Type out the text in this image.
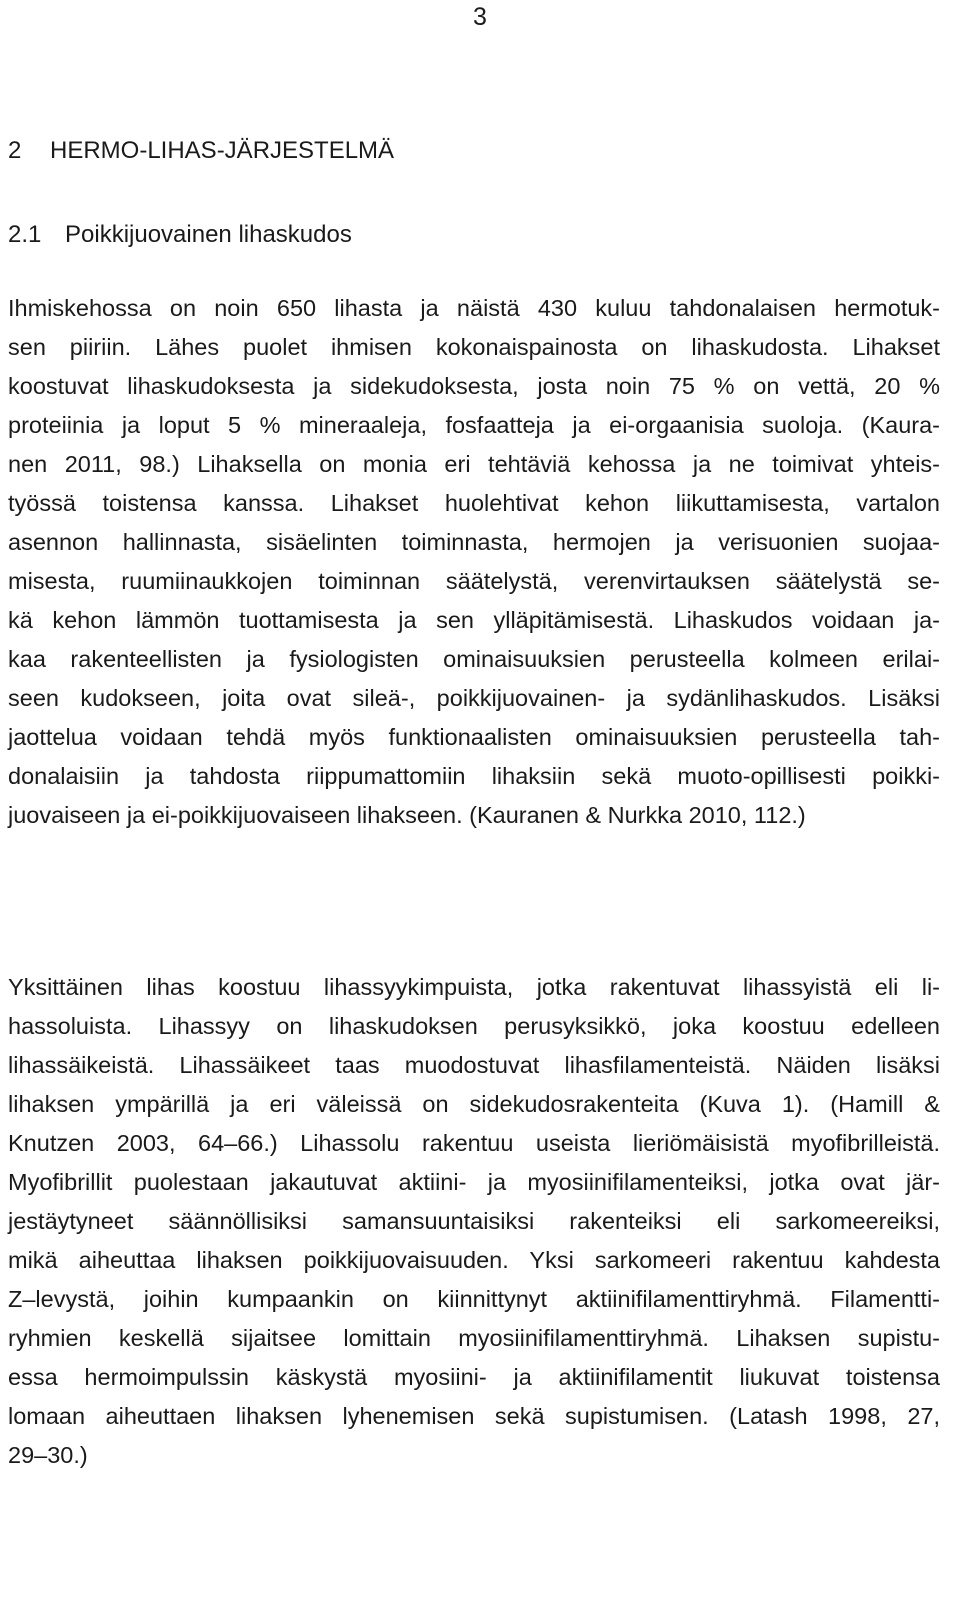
3
2 HERMO-LIHAS-JÄRJESTELMÄ
2.1 Poikkijuovainen lihaskudos

Ihmiskehossa on noin 650 lihasta ja näistä 430 kuluu tahdonalaisen hermotuk-
sen piiriin. Lähes puolet ihmisen kokonaispainosta on lihaskudosta. Lihakset
koostuvat lihaskudoksesta ja sidekudoksesta, josta noin 75 % on vettä, 20 %
proteiinia ja loput 5 % mineraaleja, fosfaatteja ja ei-orgaanisia suoloja. (Kaura-
nen 2011, 98.) Lihaksella on monia eri tehtäviä kehossa ja ne toimivat yhteis-
työssä toistensa kanssa. Lihakset huolehtivat kehon liikuttamisesta, vartalon
asennon hallinnasta, sisäelinten toiminnasta, hermojen ja verisuonien suojaa-
misesta, ruumiinaukkojen toiminnan säätelystä, verenvirtauksen säätelystä se-
kä kehon lämmön tuottamisesta ja sen ylläpitämisestä. Lihaskudos voidaan ja-
kaa rakenteellisten ja fysiologisten ominaisuuksien perusteella kolmeen erilai-
seen kudokseen, joita ovat sileä-, poikkijuovainen- ja sydänlihaskudos. Lisäksi
jaottelua voidaan tehdä myös funktionaalisten ominaisuuksien perusteella tah-
donalaisiin ja tahdosta riippumattomiin lihaksiin sekä muoto-opillisesti poikki-
juovaiseen ja ei-poikkijuovaiseen lihakseen. (Kauranen & Nurkka 2010, 112.)

Yksittäinen lihas koostuu lihassyykimpuista, jotka rakentuvat lihassyistä eli li-
hassoluista. Lihassyy on lihaskudoksen perusyksikkö, joka koostuu edelleen
lihassäikeistä. Lihassäikeet taas muodostuvat lihasfilamenteistä. Näiden lisäksi
lihaksen ympärillä ja eri väleissä on sidekudosrakenteita (Kuva 1). (Hamill &
Knutzen 2003, 64–66.) Lihassolu rakentuu useista lieriömäisistä myofibrilleistä.
Myofibrillit puolestaan jakautuvat aktiini- ja myosiinifilamenteiksi, jotka ovat jär-
jestäytyneet säännöllisiksi samansuuntaisiksi rakenteiksi eli sarkomeereiksi,
mikä aiheuttaa lihaksen poikkijuovaisuuden. Yksi sarkomeeri rakentuu kahdesta
Z–levystä, joihin kumpaankin on kiinnittynyt aktiinifilamenttiryhmä. Filamentti-
ryhmien keskellä sijaitsee lomittain myosiinifilamenttiryhmä. Lihaksen supistu-
essa hermoimpulssin käskystä myosiini- ja aktiinifilamentit liukuvat toistensa
lomaan aiheuttaen lihaksen lyhenemisen sekä supistumisen. (Latash 1998, 27,
29–30.)
